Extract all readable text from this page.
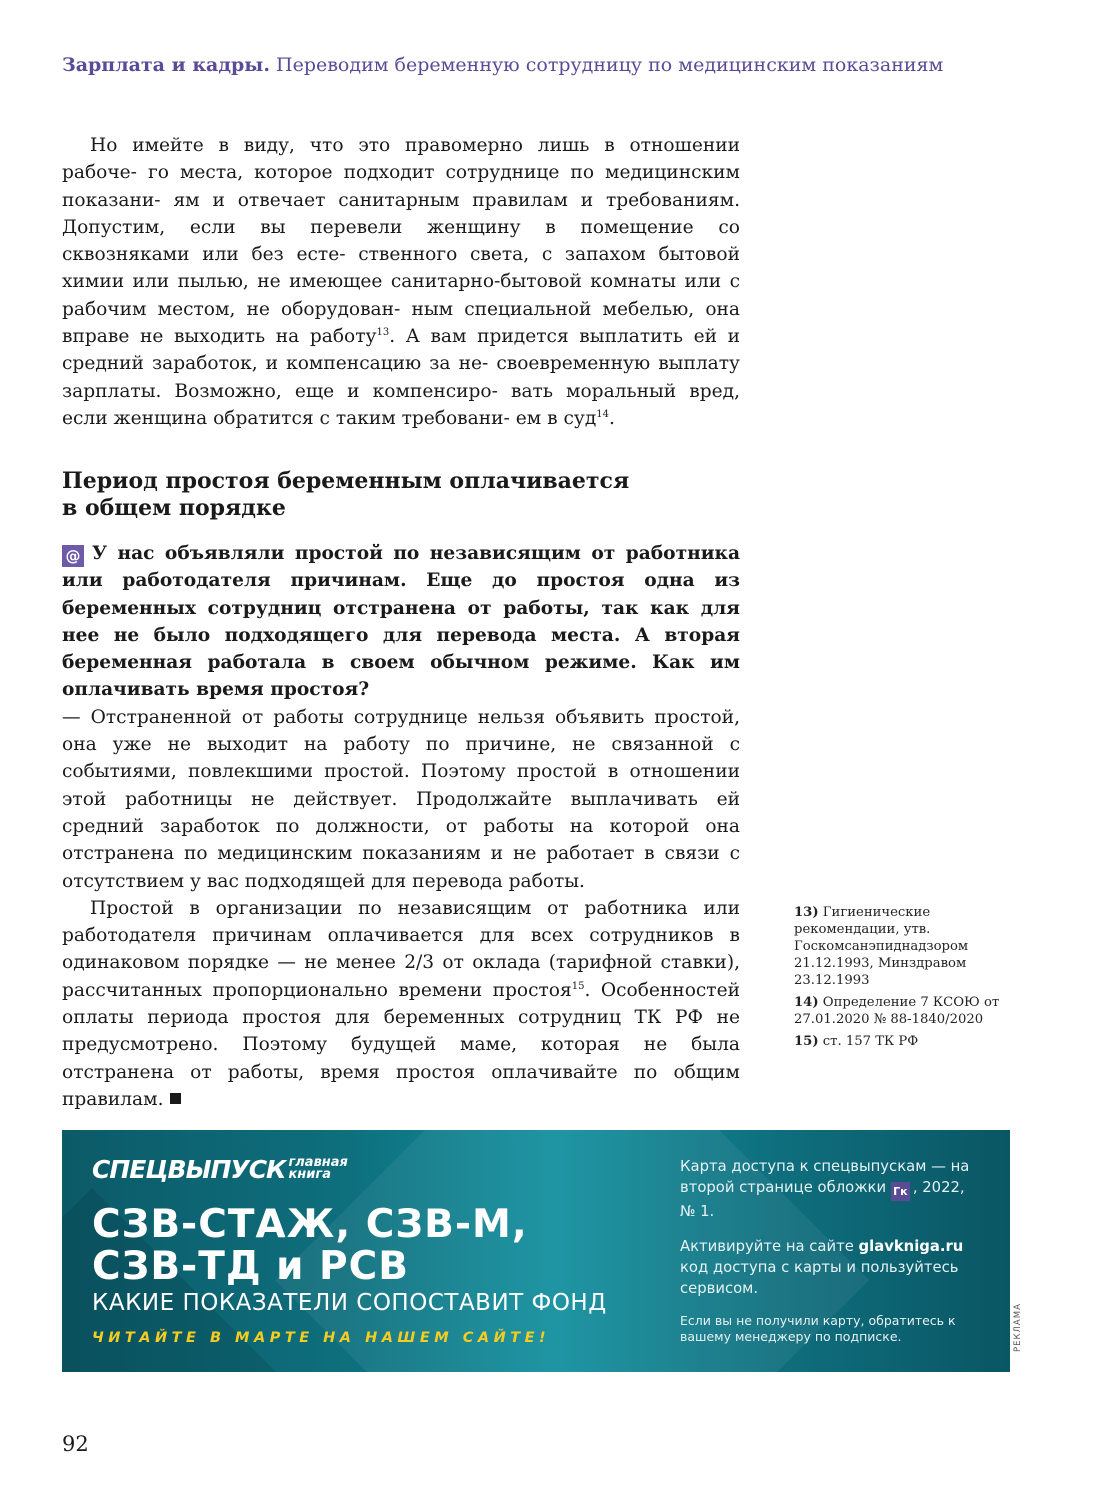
Зарплата и кадры. Переводим беременную сотрудницу по медицинским показаниям

Но имейте в виду, что это правомерно лишь в отношении рабоче- го места, которое подходит сотруднице по медицинским показани- ям и отвечает санитарным правилам и требованиям. Допустим, если вы перевели женщину в помещение со сквозняками или без есте- ственного света, с запахом бытовой химии или пылью, не имеющее санитарно-бытовой комнаты или с рабочим местом, не оборудован- ным специальной мебелью, она вправе не выходить на работу$^{13}$. А вам придется выплатить ей и средний заработок, и компенсацию за не- своевременную выплату зарплаты. Возможно, еще и компенсиро- вать моральный вред, если женщина обратится с таким требовани- ем в суд$^{14}$.

Период простоя беременным оплачивается
в общем порядке

@ У нас объявляли простой по независящим от работника или работодателя причинам. Еще до простоя одна из беременных сотрудниц отстранена от работы, так как для нее не было подходящего для перевода места. А вторая беременная работала в своем обычном режиме. Как им оплачивать время простоя?

— Отстраненной от работы сотруднице нельзя объявить простой, она уже не выходит на работу по причине, не связанной с событиями, повлекшими простой. Поэтому простой в отношении этой работницы не действует. Продолжайте выплачивать ей средний заработок по должности, от работы на которой она отстранена по медицинским показаниям и не работает в связи с отсутствием у вас подходящей для перевода работы.

Простой в организации по независящим от работника или работодателя причинам оплачивается для всех сотрудников в одинаковом порядке — не менее 2/3 от оклада (тарифной ставки), рассчитанных пропорционально времени простоя$^{15}$. Особенностей оплаты периода простоя для беременных сотрудниц ТК РФ не предусмотрено. Поэтому будущей маме, которая не была отстранена от работы, время простоя оплачивайте по общим правилам.

13) Гигиенические рекомендации, утв. Госкомсанэпиднадзором 21.12.1993, Минздравом 23.12.1993

14) Определение 7 КСОЮ от 27.01.2020 № 88-1840/2020

15) ст. 157 ТК РФ

СПЕЦВЫПУСК главная
книга
СЗВ-СТАЖ, СЗВ-М,
СЗВ-ТД и РСВ
КАКИЕ ПОКАЗАТЕЛИ СОПОСТАВИТ ФОНД
ЧИТАЙТЕ В МАРТЕ НА НАШЕМ САЙТЕ!

Карта доступа к спецвыпускам — на второй странице обложки Гк , 2022, № 1.

Активируйте на сайте glavkniga.ru код доступа с карты и пользуйтесь сервисом.

Если вы не получили карту, обратитесь к вашему менеджеру по подписке.	РЕКЛАМА
92
